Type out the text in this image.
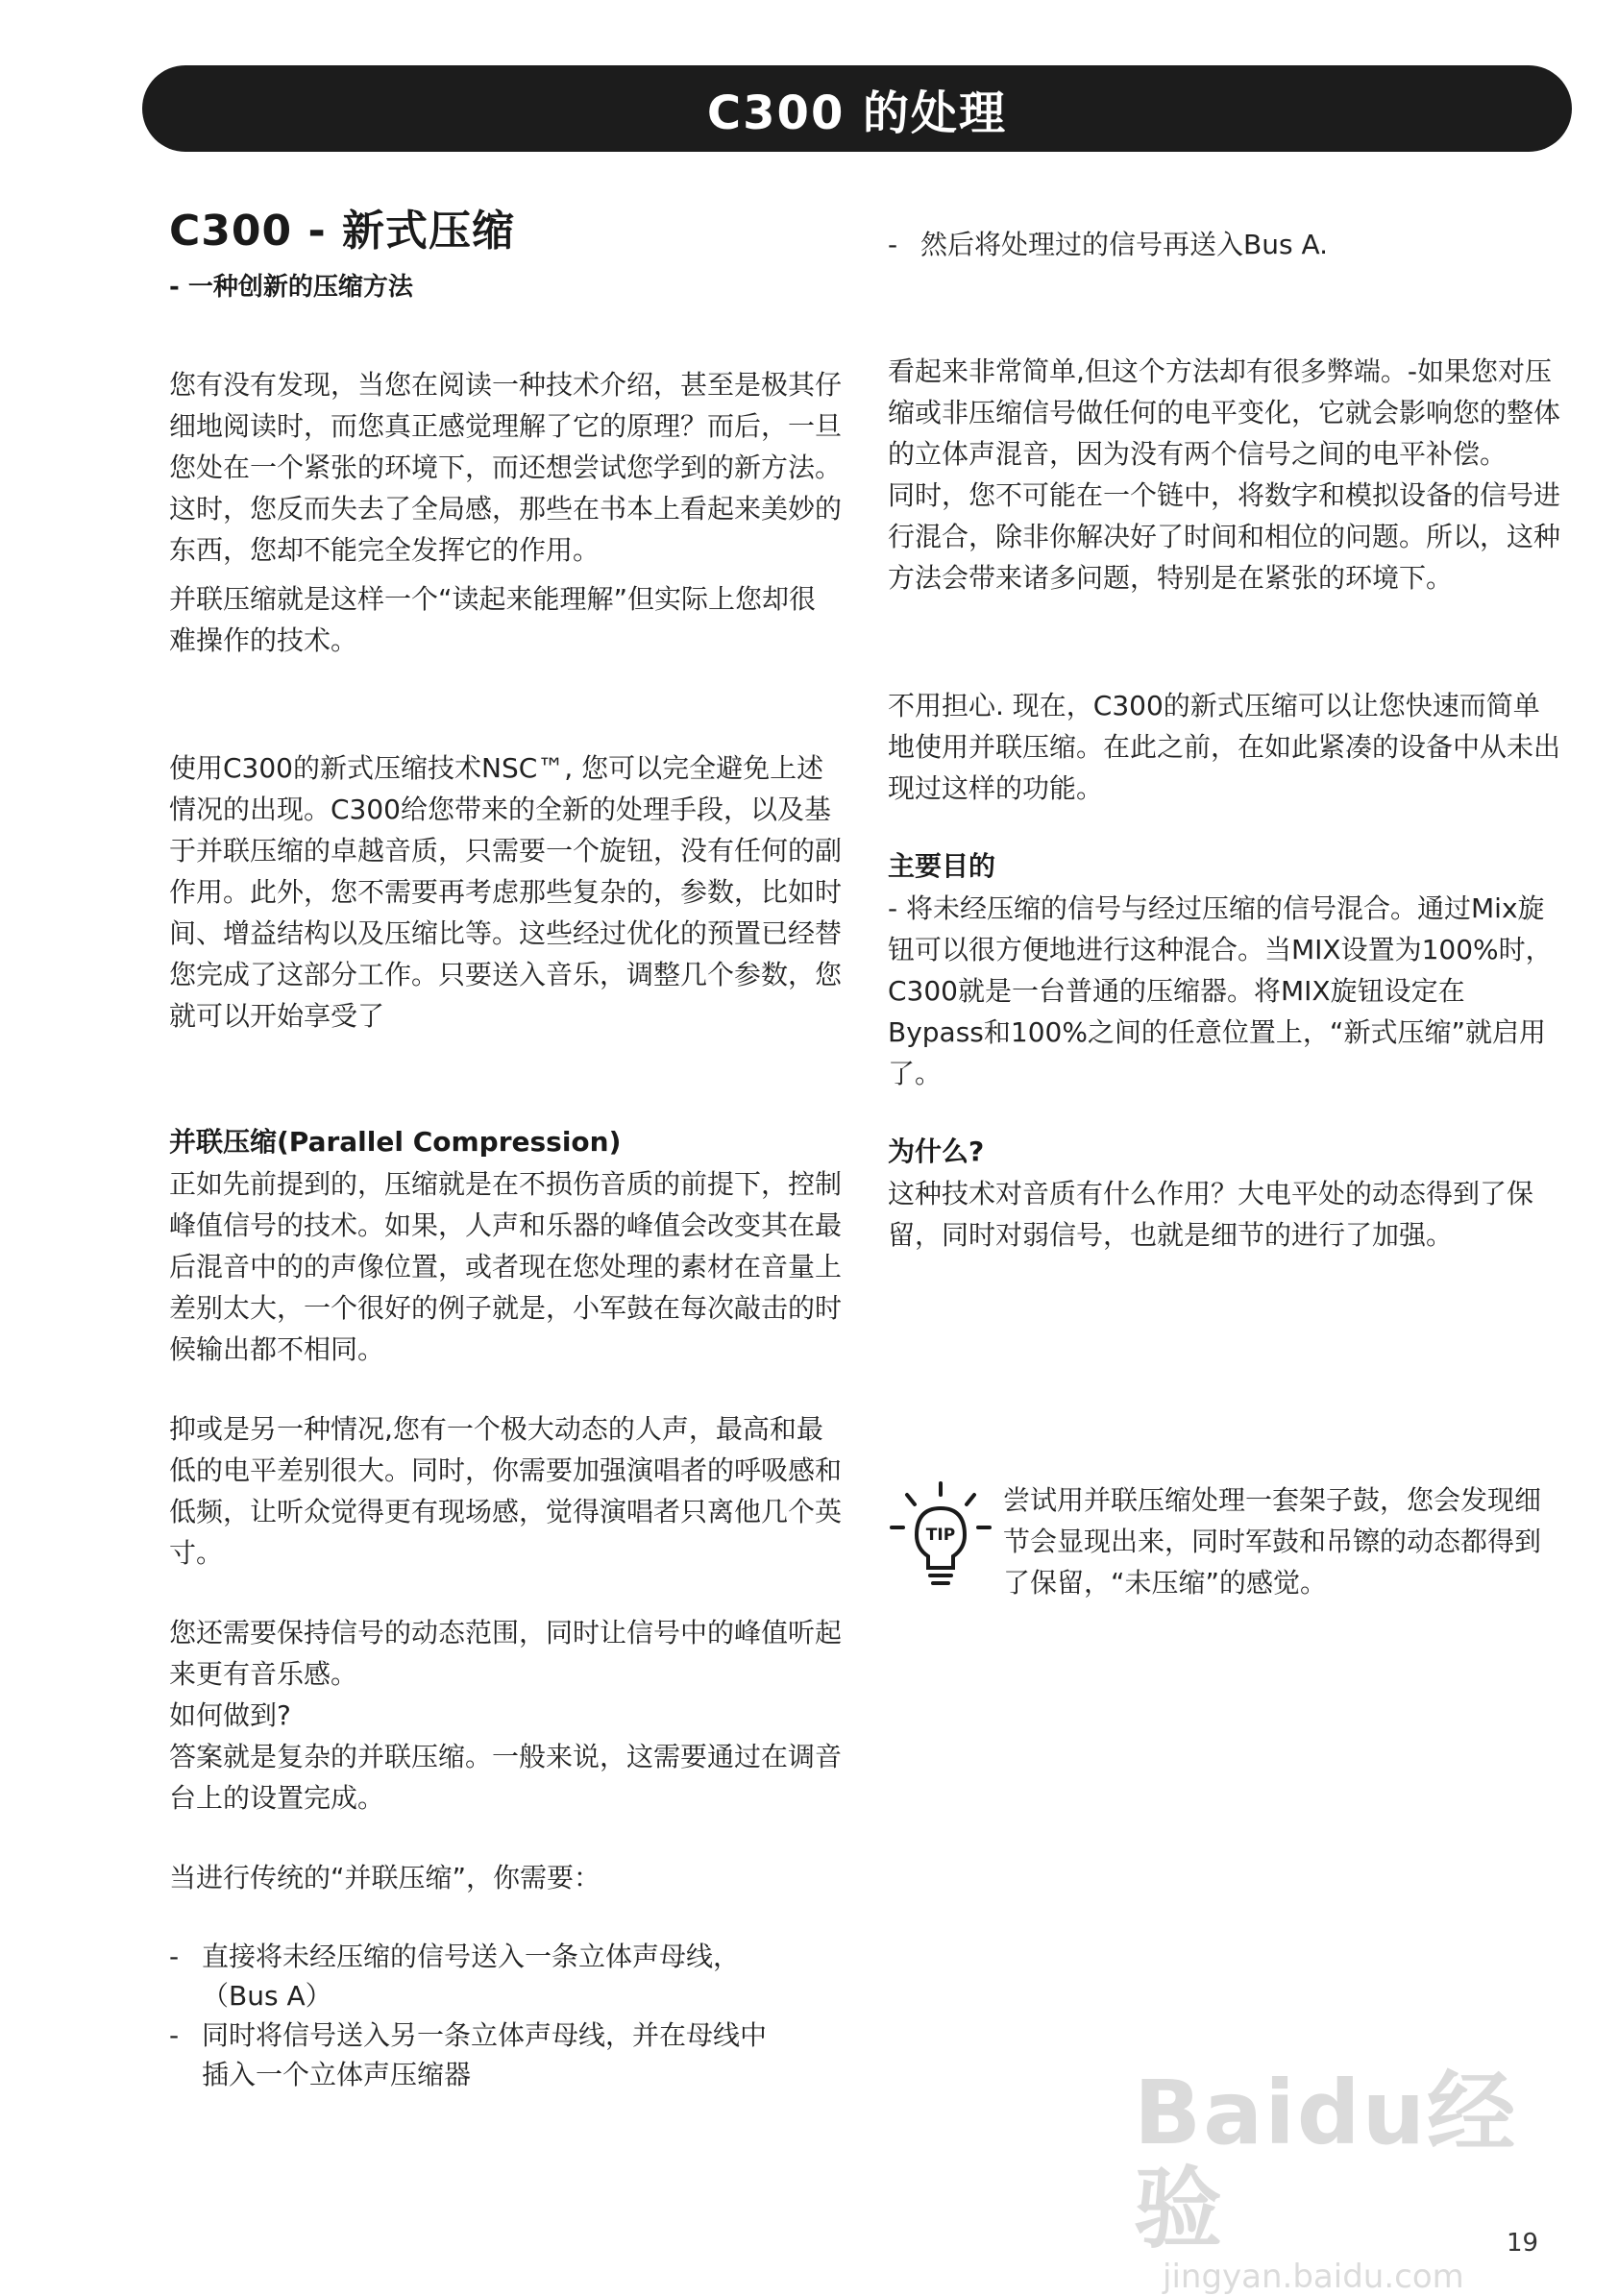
C300 的处理
C300 - 新式压缩
- 一种创新的压缩方法

您有没有发现，当您在阅读一种技术介绍，甚至是极其仔细地阅读时，而您真正感觉理解了它的原理？而后，一旦您处在一个紧张的环境下，而还想尝试您学到的新方法。这时，您反而失去了全局感，那些在书本上看起来美妙的东西，您却不能完全发挥它的作用。

并联压缩就是这样一个“读起来能理解”但实际上您却很难操作的技术。

使用C300的新式压缩技术NSC™, 您可以完全避免上述情况的出现。C300给您带来的全新的处理手段，以及基于并联压缩的卓越音质，只需要一个旋钮，没有任何的副作用。此外，您不需要再考虑那些复杂的，参数，比如时间、增益结构以及压缩比等。这些经过优化的预置已经替您完成了这部分工作。只要送入音乐，调整几个参数，您就可以开始享受了

并联压缩(Parallel Compression)

正如先前提到的，压缩就是在不损伤音质的前提下，控制峰值信号的技术。如果，人声和乐器的峰值会改变其在最后混音中的的声像位置，或者现在您处理的素材在音量上差别太大，一个很好的例子就是，小军鼓在每次敲击的时候输出都不相同。

抑或是另一种情况,您有一个极大动态的人声，最高和最低的电平差别很大。同时，你需要加强演唱者的呼吸感和低频，让听众觉得更有现场感，觉得演唱者只离他几个英寸。

您还需要保持信号的动态范围，同时让信号中的峰值听起来更有音乐感。

如何做到?

答案就是复杂的并联压缩。一般来说，这需要通过在调音台上的设置完成。

当进行传统的“并联压缩”，你需要：

- 直接将未经压缩的信号送入一条立体声母线，（Bus A）
- 同时将信号送入另一条立体声母线，并在母线中插入一个立体声压缩器
- 然后将处理过的信号再送入Bus A.

看起来非常简单,但这个方法却有很多弊端。-如果您对压缩或非压缩信号做任何的电平变化，它就会影响您的整体的立体声混音，因为没有两个信号之间的电平补偿。

同时，您不可能在一个链中，将数字和模拟设备的信号进行混合，除非你解决好了时间和相位的问题。所以，这种方法会带来诸多问题，特别是在紧张的环境下。

不用担心. 现在，C300的新式压缩可以让您快速而简单地使用并联压缩。在此之前，在如此紧凑的设备中从未出现过这样的功能。

主要目的

- 将未经压缩的信号与经过压缩的信号混合。通过Mix旋钮可以很方便地进行这种混合。当MIX设置为100%时，C300就是一台普通的压缩器。将MIX旋钮设定在Bypass和100%之间的任意位置上，“新式压缩”就启用了。

为什么?

这种技术对音质有什么作用？大电平处的动态得到了保留，同时对弱信号，也就是细节的进行了加强。

TIP
尝试用并联压缩处理一套架子鼓，您会发现细节会显现出来，同时军鼓和吊镲的动态都得到了保留，“未压缩”的感觉。
Baidu经验
jingyan.baidu.com
19
